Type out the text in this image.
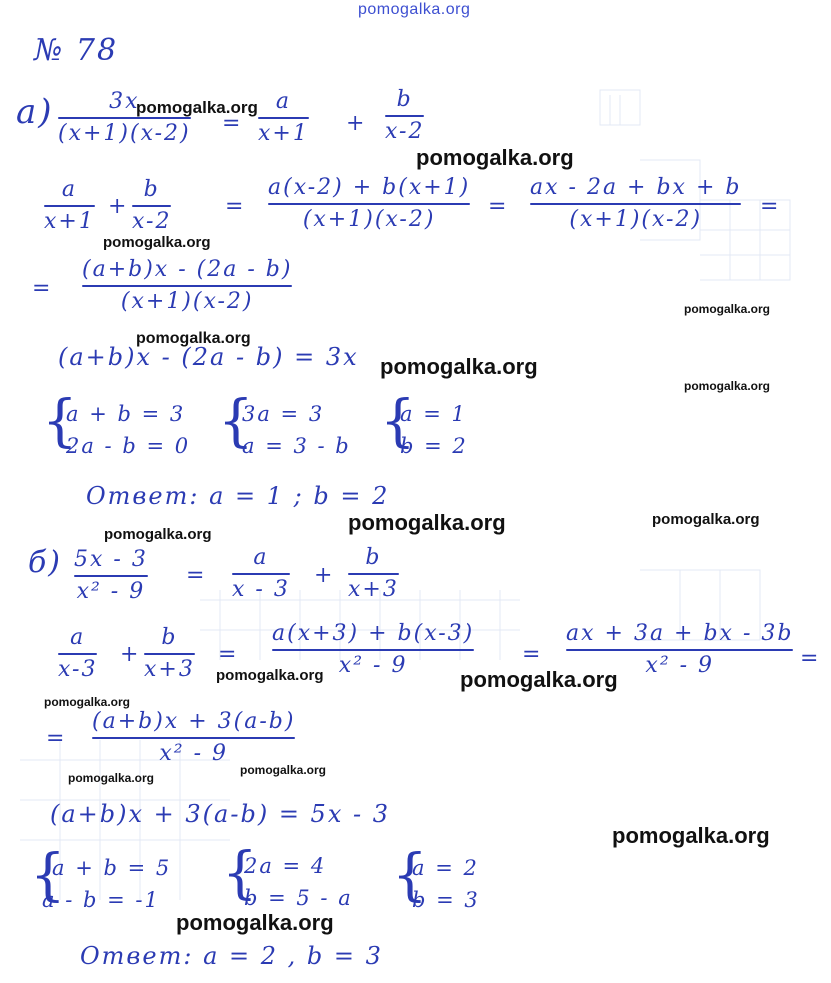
pomogalka.org
№ 78
а)	3x
(x+1)(x-2) =
a
x+1 +
b
x-2
a
x+1
+
b
x-2
=
a(x-2) + b(x+1)
(x+1)(x-2)
=
ax - 2a + bx + b
(x+1)(x-2)
=
=
(a+b)x - (2a - b)
(x+1)(x-2)
(a+b)x - (2a - b) = 3x
{
a + b = 3
2a - b = 0 {
3a = 3
a = 3 - b {
a = 1
b = 2
Ответ: a = 1 ; b = 2
б) 5x - 3
x² - 9
=
a
x - 3
+
b
x+3
a
x-3
+
b
x+3
=
a(x+3) + b(x-3)
x² - 9	=
ax + 3a + bx - 3b
x² - 9	=
=
(a+b)x + 3(a-b)
x² - 9
(a+b)x + 3(a-b) = 5x - 3
{
a + b = 5
a - b = -1 {
2a = 4
b = 5 - a {
a = 2
b = 3
Ответ: a = 2 , b = 3
pomogalka.org
pomogalka.org
pomogalka.org
pomogalka.org
pomogalka.org
pomogalka.org
pomogalka.org
pomogalka.org	pomogalka.org	pomogalka.org
pomogalka.org	pomogalka.org
pomogalka.org
pomogalka.org
pomogalka.org
pomogalka.org
pomogalka.org
